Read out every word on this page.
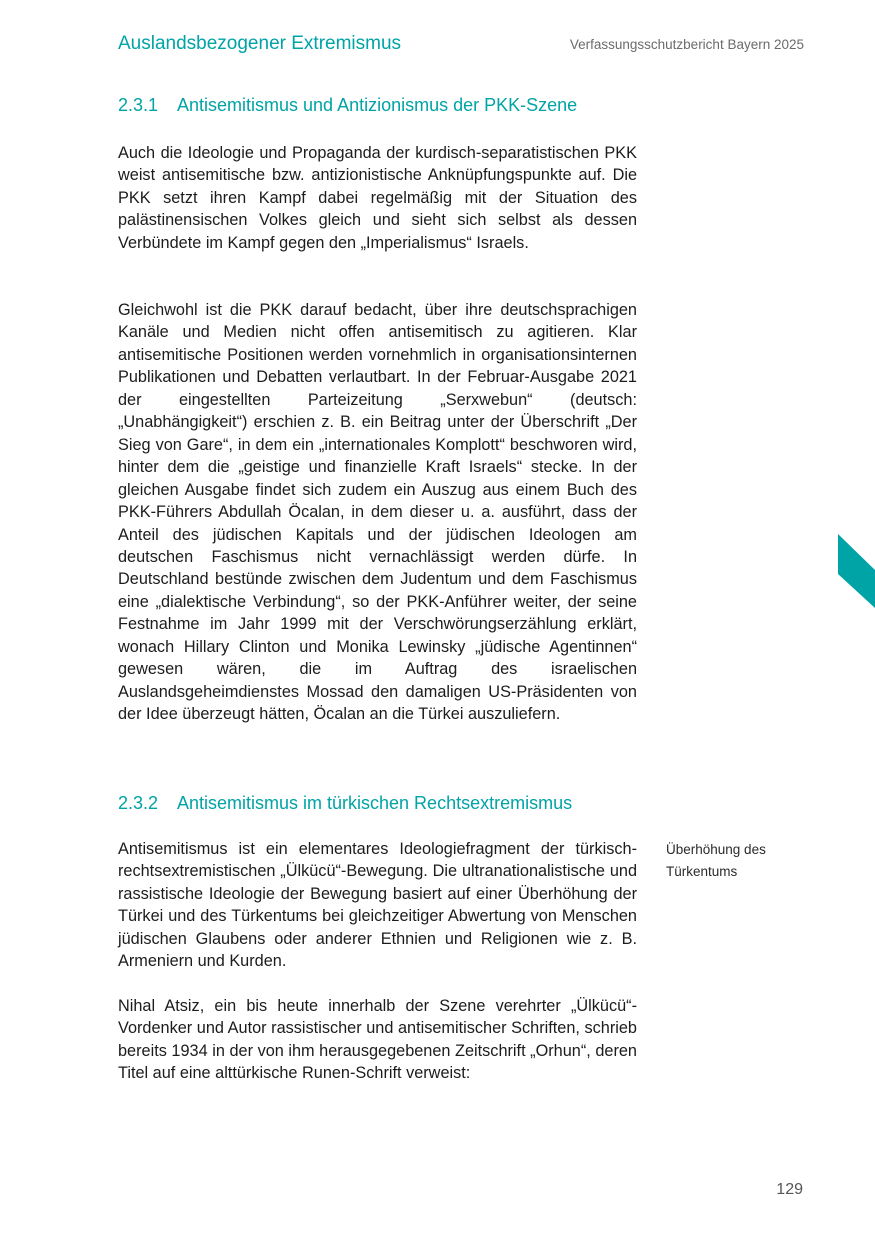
Auslandsbezogener Extremismus	Verfassungsschutzbericht Bayern 2025
2.3.1 Antisemitismus und Antizionismus der PKK-Szene

Auch die Ideologie und Propaganda der kurdisch-separatistischen PKK weist antisemitische bzw. antizionistische Anknüpfungspunkte auf. Die PKK setzt ihren Kampf dabei regelmäßig mit der Situation des palästinensischen Volkes gleich und sieht sich selbst als dessen Verbündete im Kampf gegen den „Imperialismus“ Israels.

Gleichwohl ist die PKK darauf bedacht, über ihre deutschsprachigen Kanäle und Medien nicht offen antisemitisch zu agitieren. Klar antisemitische Positionen werden vornehmlich in organisationsinternen Publikationen und Debatten verlautbart. In der Februar-Ausgabe 2021 der eingestellten Parteizeitung „Serxwebun“ (deutsch: „Unabhängigkeit“) erschien z. B. ein Beitrag unter der Überschrift „Der Sieg von Gare“, in dem ein „internationales Komplott“ beschworen wird, hinter dem die „geistige und finanzielle Kraft Israels“ stecke. In der gleichen Ausgabe findet sich zudem ein Auszug aus einem Buch des PKK-Führers Abdullah Öcalan, in dem dieser u. a. ausführt, dass der Anteil des jüdischen Kapitals und der jüdischen Ideologen am deutschen Faschismus nicht vernachlässigt werden dürfe. In Deutschland bestünde zwischen dem Judentum und dem Faschismus eine „dialektische Verbindung“, so der PKK-Anführer weiter, der seine Festnahme im Jahr 1999 mit der Verschwörungserzählung erklärt, wonach Hillary Clinton und Monika Lewinsky „jüdische Agentinnen“ gewesen wären, die im Auftrag des israelischen Auslandsgeheimdienstes Mossad den damaligen US-Präsidenten von der Idee überzeugt hätten, Öcalan an die Türkei auszuliefern.

2.3.2 Antisemitismus im türkischen Rechtsextremismus

Antisemitismus ist ein elementares Ideologiefragment der türkisch-rechtsextremistischen „Ülkücü“-Bewegung. Die ultranationalistische und rassistische Ideologie der Bewegung basiert auf einer Überhöhung der Türkei und des Türkentums bei gleichzeitiger Abwertung von Menschen jüdischen Glaubens oder anderer Ethnien und Religionen wie z. B. Armeniern und Kurden.

Nihal Atsiz, ein bis heute innerhalb der Szene verehrter „Ülkücü“-Vordenker und Autor rassistischer und antisemitischer Schriften, schrieb bereits 1934 in der von ihm herausgegebenen Zeitschrift „Orhun“, deren Titel auf eine alttürkische Runen-Schrift verweist:

Überhöhung des Türkentums

129
